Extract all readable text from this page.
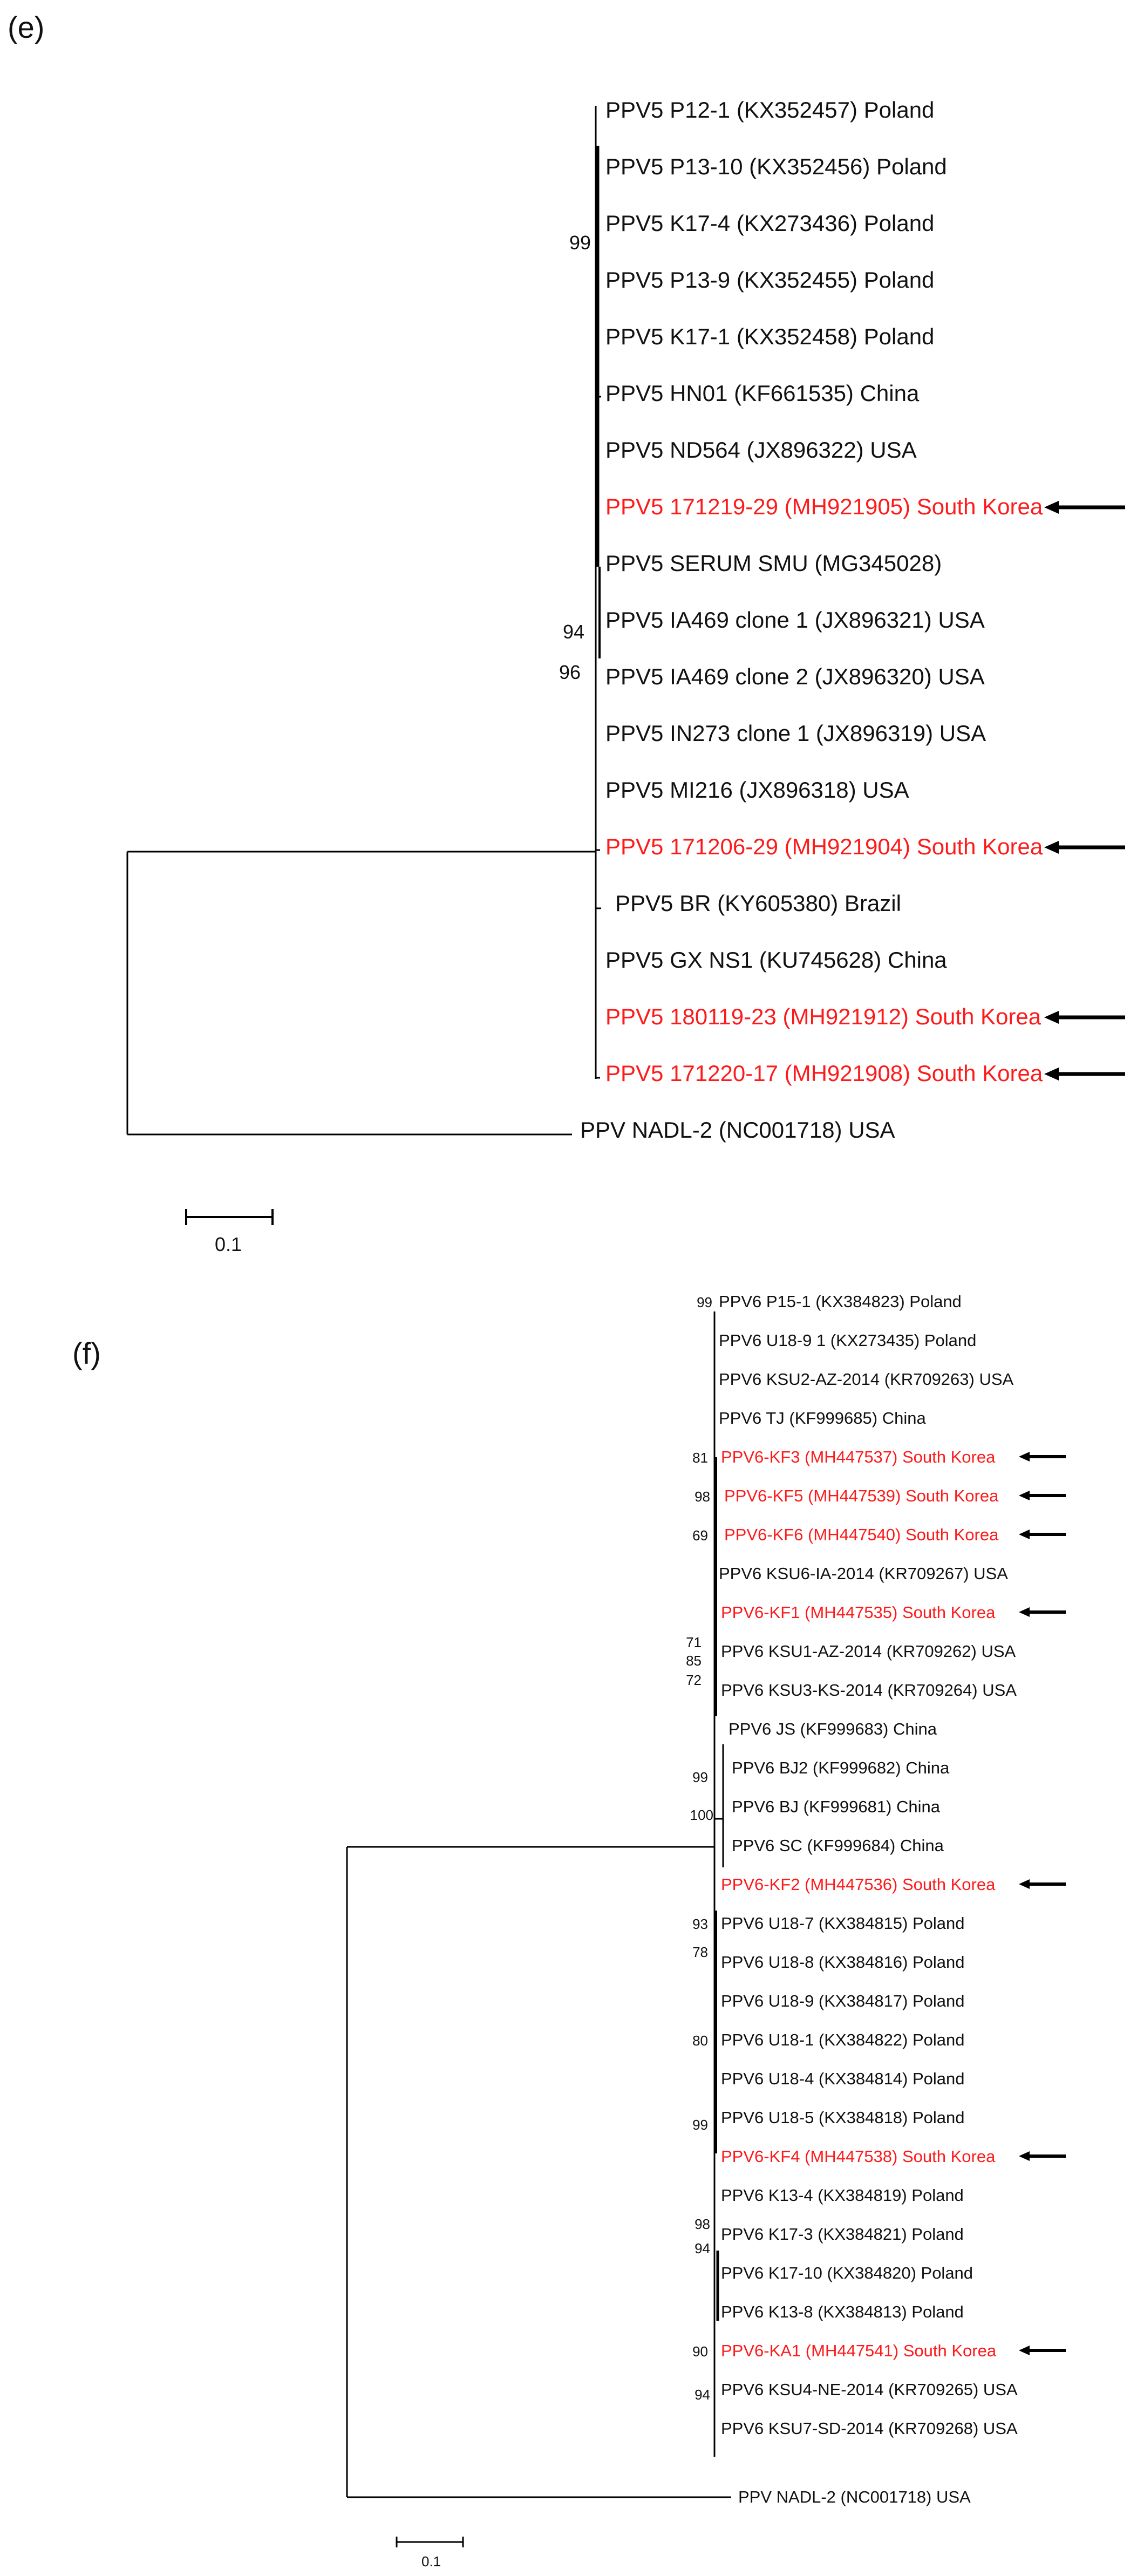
(e)
PPV5 P12-1 (KX352457) Poland
PPV5 P13-10 (KX352456) Poland
PPV5 K17-4 (KX273436) Poland
PPV5 P13-9 (KX352455) Poland
PPV5 K17-1 (KX352458) Poland
PPV5 HN01 (KF661535) China
PPV5 ND564 (JX896322) USA
PPV5 171219-29 (MH921905) South Korea
PPV5 SERUM SMU (MG345028)
PPV5 IA469 clone 1 (JX896321) USA
PPV5 IA469 clone 2 (JX896320) USA
PPV5 IN273 clone 1 (JX896319) USA
PPV5 MI216 (JX896318) USA
PPV5 171206-29 (MH921904) South Korea
PPV5 BR (KY605380) Brazil
PPV5 GX NS1 (KU745628) China
PPV5 180119-23 (MH921912) South Korea
PPV5 171220-17 (MH921908) South Korea
PPV NADL-2 (NC001718) USA
99
94
96
0.1
(f)
PPV6 P15-1 (KX384823) Poland
PPV6 U18-9 1 (KX273435) Poland
PPV6 KSU2-AZ-2014 (KR709263) USA
PPV6 TJ (KF999685) China
PPV6-KF3 (MH447537) South Korea
PPV6-KF5 (MH447539) South Korea
PPV6-KF6 (MH447540) South Korea
PPV6 KSU6-IA-2014 (KR709267) USA
PPV6-KF1 (MH447535) South Korea
PPV6 KSU1-AZ-2014 (KR709262) USA
PPV6 KSU3-KS-2014 (KR709264) USA
PPV6 JS (KF999683) China
PPV6 BJ2 (KF999682) China
PPV6 BJ (KF999681) China
PPV6 SC (KF999684) China
PPV6-KF2 (MH447536) South Korea
PPV6 U18-7 (KX384815) Poland
PPV6 U18-8 (KX384816) Poland
PPV6 U18-9 (KX384817) Poland
PPV6 U18-1 (KX384822) Poland
PPV6 U18-4 (KX384814) Poland
PPV6 U18-5 (KX384818) Poland
PPV6-KF4 (MH447538) South Korea
PPV6 K13-4 (KX384819) Poland
PPV6 K17-3 (KX384821) Poland
PPV6 K17-10 (KX384820) Poland
PPV6 K13-8 (KX384813) Poland
PPV6-KA1 (MH447541) South Korea
PPV6 KSU4-NE-2014 (KR709265) USA
PPV6 KSU7-SD-2014 (KR709268) USA
PPV NADL-2 (NC001718) USA
99
81
98
69
71
85
72
99
100
93
78
80
99
98
94
90
94
0.1
